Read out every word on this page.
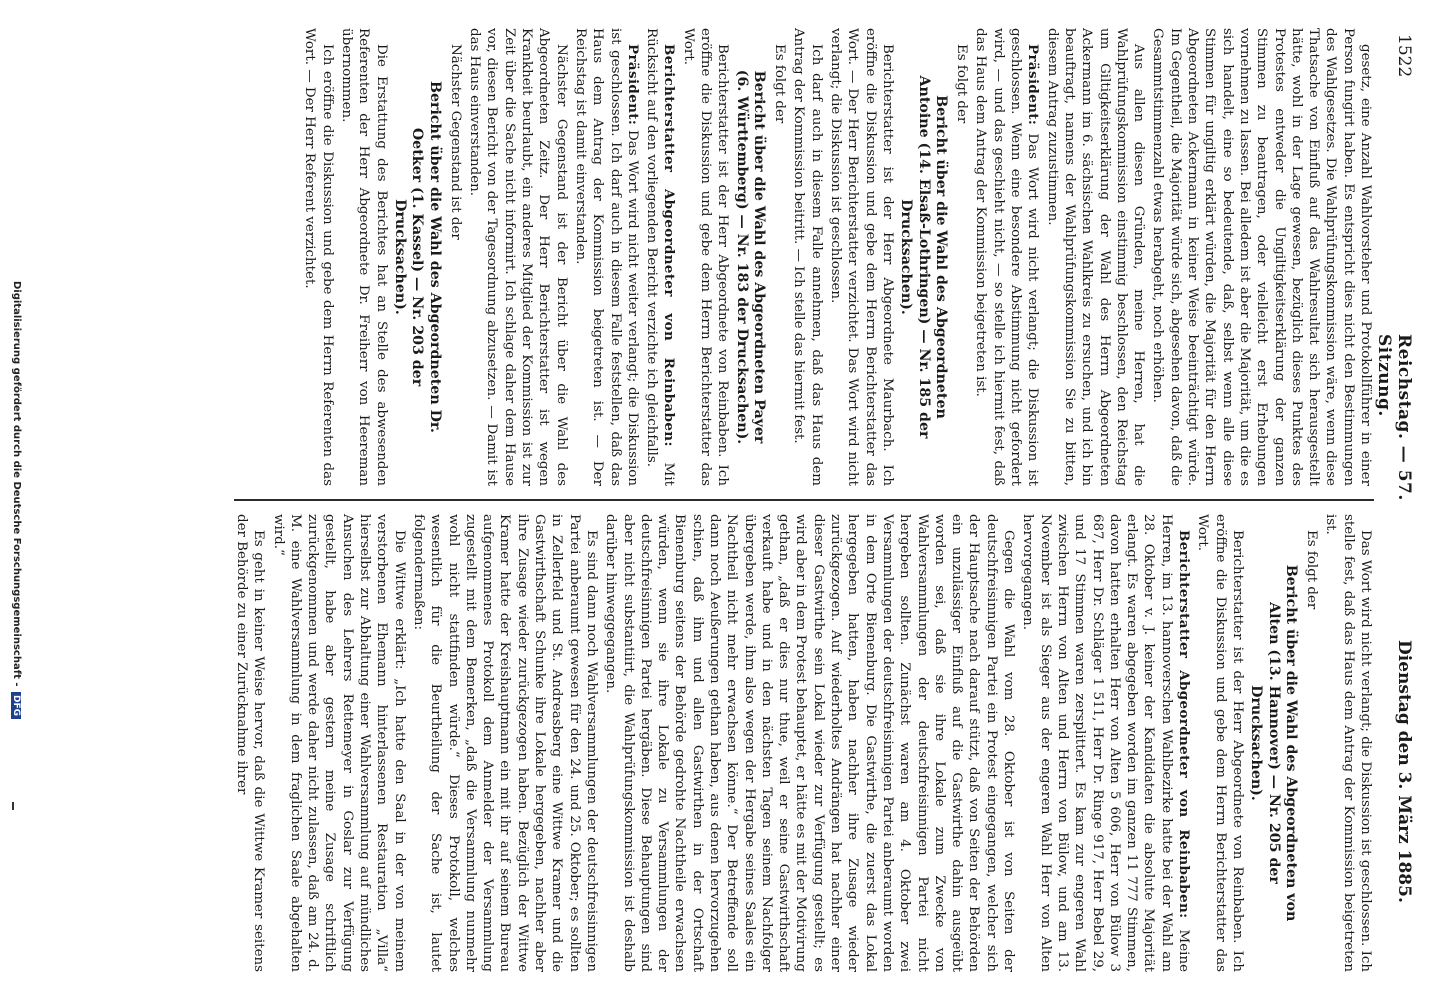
1522
Reichstag. — 57. Sitzung.
Dienstag den 3. März 1885.

gesetz, eine Anzahl Wahlvorsteher und Protokollführer in einer Person fungirt haben. Es entspricht dies nicht den Bestimmungen des Wahlgesetzes. Die Wahlprüfungskommission wäre, wenn diese Thatsache von Einfluß auf das Wahlresultat sich herausgestellt hätte, wohl in der Lage gewesen, bezüglich dieses Punktes des Protestes entweder die Ungiltigkeitserklärung der ganzen Stimmen zu beantragen, oder vielleicht erst Erhebungen vornehmen zu lassen. Bei alledem ist aber die Majorität, um die es sich handelt, eine so bedeutende, daß, selbst wenn alle diese Stimmen für ungiltig erklärt würden, die Majorität für den Herrn Abgeordneten Ackermann in keiner Weise beeinträchtigt würde. Im Gegentheil, die Majorität würde sich, abgesehen davon, daß die Gesammtstimmenzahl etwas herabgeht, noch erhöhen.

Aus allen diesen Gründen, meine Herren, hat die Wahlprüfungskommission einstimmig beschlossen, den Reichstag um Giltigkeitserklärung der Wahl des Herrn Abgeordneten Ackermann im 6. sächsischen Wahlkreis zu ersuchen, und ich bin beauftragt, namens der Wahlprüfungskommission Sie zu bitten, diesem Antrag zuzustimmen.

Präsident: Das Wort wird nicht verlangt; die Diskussion ist geschlossen. Wenn eine besondere Abstimmung nicht gefordert wird, — und das geschieht nicht, — so stelle ich hiermit fest, daß das Haus dem Antrag der Kommission beigetreten ist.

Es folgt der

Bericht über die Wahl des Abgeordneten Antoine (14. Elsaß-Lothringen) — Nr. 185 der Drucksachen).

Berichterstatter ist der Herr Abgeordnete Maurbach. Ich eröffne die Diskussion und gebe dem Herrn Berichterstatter das Wort. — Der Herr Berichterstatter verzichtet. Das Wort wird nicht verlangt; die Diskussion ist geschlossen.

Ich darf auch in diesem Falle annehmen, daß das Haus dem Antrag der Kommission beitritt. — Ich stelle das hiermit fest.

Es folgt der

Bericht über die Wahl des Abgeordneten Payer (6. Württemberg) — Nr. 183 der Drucksachen).

Berichterstatter ist der Herr Abgeordnete von Reinbaben. Ich eröffne die Diskussion und gebe dem Herrn Berichterstatter das Wort.

Berichterstatter Abgeordneter von Reinbaben: Mit Rücksicht auf den vorliegenden Bericht verzichte ich gleichfalls.

Präsident: Das Wort wird nicht weiter verlangt; die Diskussion ist geschlossen. Ich darf auch in diesem Falle feststellen, daß das Haus dem Antrag der Kommission beigetreten ist. — Der Reichstag ist damit einverstanden.

Nächster Gegenstand ist der Bericht über die Wahl des Abgeordneten Zeitz. Der Herr Berichterstatter ist wegen Krankheit beurlaubt, ein anderes Mitglied der Kommission ist zur Zeit über die Sache nicht informirt. Ich schlage daher dem Hause vor, diesen Bericht von der Tagesordnung abzusetzen. — Damit ist das Haus einverstanden.

Nächster Gegenstand ist der

Bericht über die Wahl des Abgeordneten Dr. Oetker (1. Kassel) — Nr. 203 der Drucksachen).

Die Erstattung des Berichtes hat an Stelle des abwesenden Referenten der Herr Abgeordnete Dr. Freiherr von Heereman übernommen.

Ich eröffne die Diskussion und gebe dem Herrn Referenten das Wort. — Der Herr Referent verzichtet.

Das Wort wird nicht verlangt; die Diskussion ist geschlossen. Ich stelle fest, daß das Haus dem Antrag der Kommission beigetreten ist.

Es folgt der

Bericht über die Wahl des Abgeordneten von Alten (13. Hannover) — Nr. 205 der Drucksachen).

Berichterstatter ist der Herr Abgeordnete von Reinbaben. Ich eröffne die Diskussion und gebe dem Herrn Berichterstatter das Wort.

Berichterstatter Abgeordneter von Reinbaben: Meine Herren, im 13. hannoverschen Wahlbezirke hatte bei der Wahl am 28. Oktober v. J. keiner der Kandidaten die absolute Majorität erlangt. Es waren abgegeben worden im ganzen 11 777 Stimmen, davon hatten erhalten Herr von Alten 5 606, Herr von Bülow 3 687, Herr Dr. Schläger 1 511, Herr Dr. Ringe 917, Herr Bebel 29, und 17 Stimmen waren zersplittert. Es kam zur engeren Wahl zwischen Herrn von Alten und Herrn von Bülow, und am 13. November ist als Sieger aus der engeren Wahl Herr von Alten hervorgegangen.

Gegen die Wahl vom 28. Oktober ist von Seiten der deutschfreisinnigen Partei ein Protest eingegangen, welcher sich der Hauptsache nach darauf stützt, daß von Seiten der Behörden ein unzulässiger Einfluß auf die Gastwirthe dahin ausgeübt worden sei, daß sie ihre Lokale zum Zwecke von Wahlversammlungen der deutschfreisinnigen Partei nicht hergeben sollten. Zunächst waren am 4. Oktober zwei Versammlungen der deutschfreisinnigen Partei anberaumt worden in dem Orte Bienenburg. Die Gastwirthe, die zuerst das Lokal hergegeben hatten, haben nachher ihre Zusage wieder zurückgezogen. Auf wiederholtes Andrängen hat nachher einer dieser Gastwirthe sein Lokal wieder zur Verfügung gestellt; es wird aber in dem Protest behauptet, er hätte es mit der Motivirung gethan, „daß er dies nur thue, weil er seine Gastwirthschaft verkauft habe und in den nächsten Tagen seinem Nachfolger übergeben werde, ihm also wegen der Hergabe seines Saales ein Nachtheil nicht mehr erwachsen könne.“ Der Betreffende soll dann noch Aeußerungen gethan haben, aus denen hervorzugehen schien, daß ihm und allen Gastwirthen in der Ortschaft Bienenburg seitens der Behörde gedrohte Nachtheile erwachsen würden, wenn sie ihre Lokale zu Versammlungen der deutschfreisinnigen Partei hergäben. Diese Behauptungen sind aber nicht substantiirt, die Wahlprüfungskommission ist deshalb darüber hinweggegangen.

Es sind dann noch Wahlversammlungen der deutschfreisinnigen Partei anberaumt gewesen für den 24. und 25. Oktober; es sollten in Zellerfeld und St. Andreasberg eine Wittwe Kramer und die Gastwirthschaft Schunke ihre Lokale hergegeben, nachher aber ihre Zusage wieder zurückgezogen haben. Bezüglich der Wittwe Kramer hatte der Kreishauptmann ein mit ihr auf seinem Bureau aufgenommenes Protokoll dem Anmelder der Versammlung zugestellt mit dem Bemerken, „daß die Versammlung nunmehr wohl nicht stattfinden würde.“ Dieses Protokoll, welches wesentlich für die Beurtheilung der Sache ist, lautet folgendermaßen:

Die Wittwe erklärt: „Ich hatte den Saal in der von meinem verstorbenen Ehemann hinterlassenen Restauration „Villa“ hierselbst zur Abhaltung einer Wahlversammlung auf mündliches Ansuchen des Lehrers Rettemeyer in Goslar zur Verfügung gestellt, habe aber gestern meine Zusage schriftlich zurückgenommen und werde daher nicht zulassen, daß am 24. d. M. eine Wahlversammlung in dem fraglichen Saale abgehalten wird.“

Es geht in keiner Weise hervor, daß die Wittwe Kramer seitens der Behörde zu einer Zurücknahme ihrer

Digitalisierung gefördert durch die Deutsche Forschungsgemeinschaft - DFG
